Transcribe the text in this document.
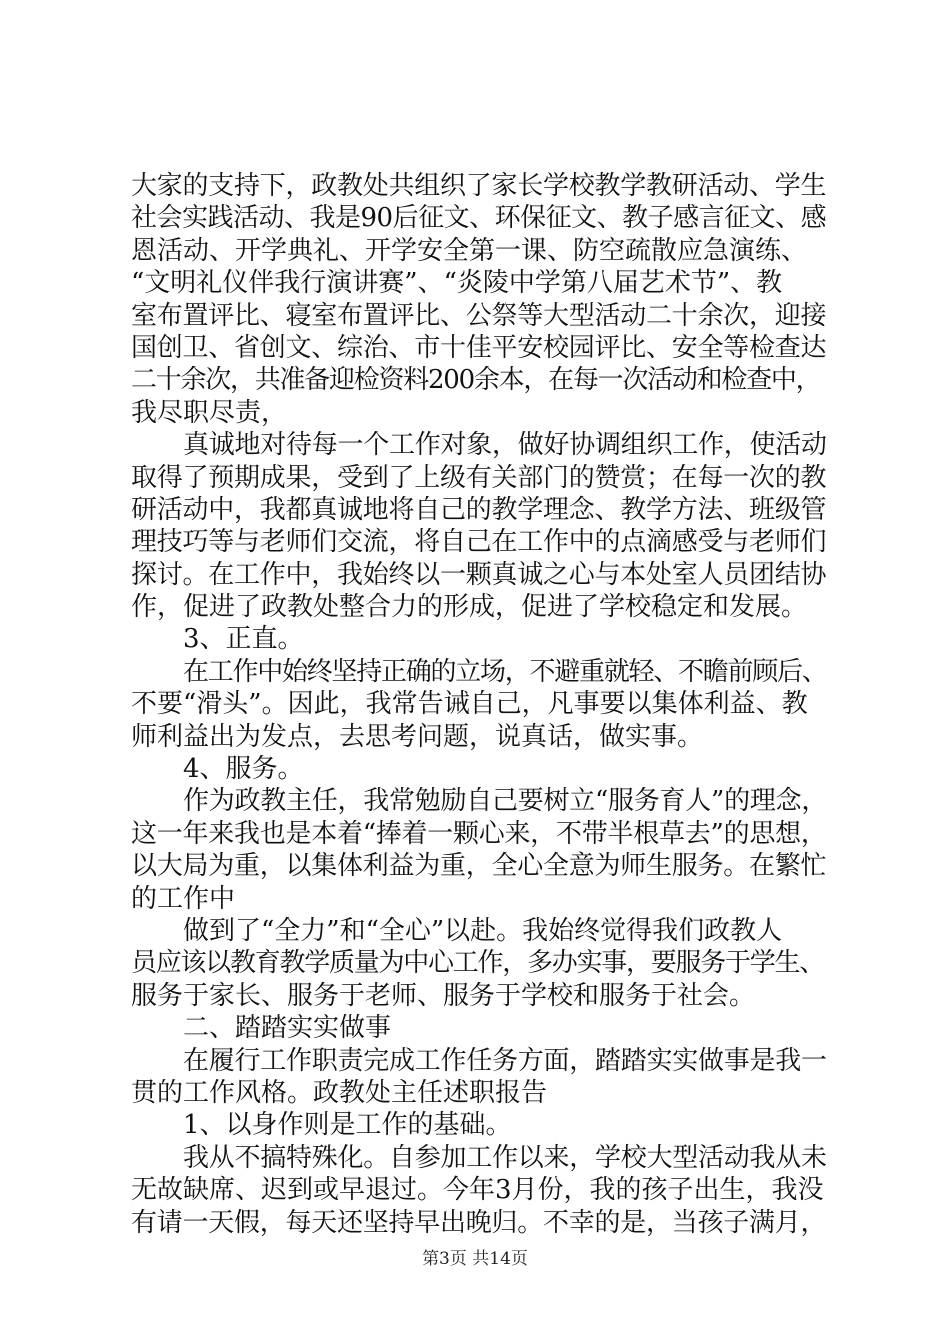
大家的支持下，政教处共组织了家长学校教学教研活动、学生
社会实践活动、我是90后征文、环保征文、教子感言征文、感
恩活动、开学典礼、开学安全第一课、防空疏散应急演练、
“文明礼仪伴我行演讲赛”、“炎陵中学第八届艺术节”、教
室布置评比、寝室布置评比、公祭等大型活动二十余次，迎接
国创卫、省创文、综治、市十佳平安校园评比、安全等检查达
二十余次，共准备迎检资料200余本，在每一次活动和检查中，
我尽职尽责，
真诚地对待每一个工作对象，做好协调组织工作，使活动
取得了预期成果，受到了上级有关部门的赞赏；在每一次的教
研活动中，我都真诚地将自己的教学理念、教学方法、班级管
理技巧等与老师们交流，将自己在工作中的点滴感受与老师们
探讨。在工作中，我始终以一颗真诚之心与本处室人员团结协
作，促进了政教处整合力的形成，促进了学校稳定和发展。
3、正直。
在工作中始终坚持正确的立场，不避重就轻、不瞻前顾后、
不要“滑头”。因此，我常告诫自己，凡事要以集体利益、教
师利益出为发点，去思考问题，说真话，做实事。
4、服务。
作为政教主任，我常勉励自己要树立“服务育人”的理念，
这一年来我也是本着“捧着一颗心来，不带半根草去”的思想，
以大局为重，以集体利益为重，全心全意为师生服务。在繁忙
的工作中
做到了“全力”和“全心”以赴。我始终觉得我们政教人
员应该以教育教学质量为中心工作，多办实事，要服务于学生、
服务于家长、服务于老师、服务于学校和服务于社会。
二、踏踏实实做事
在履行工作职责完成工作任务方面，踏踏实实做事是我一
贯的工作风格。政教处主任述职报告
1、以身作则是工作的基础。
我从不搞特殊化。自参加工作以来，学校大型活动我从未
无故缺席、迟到或早退过。今年3月份，我的孩子出生，我没
有请一天假，每天还坚持早出晚归。不幸的是，当孩子满月，
第3页 共14页
